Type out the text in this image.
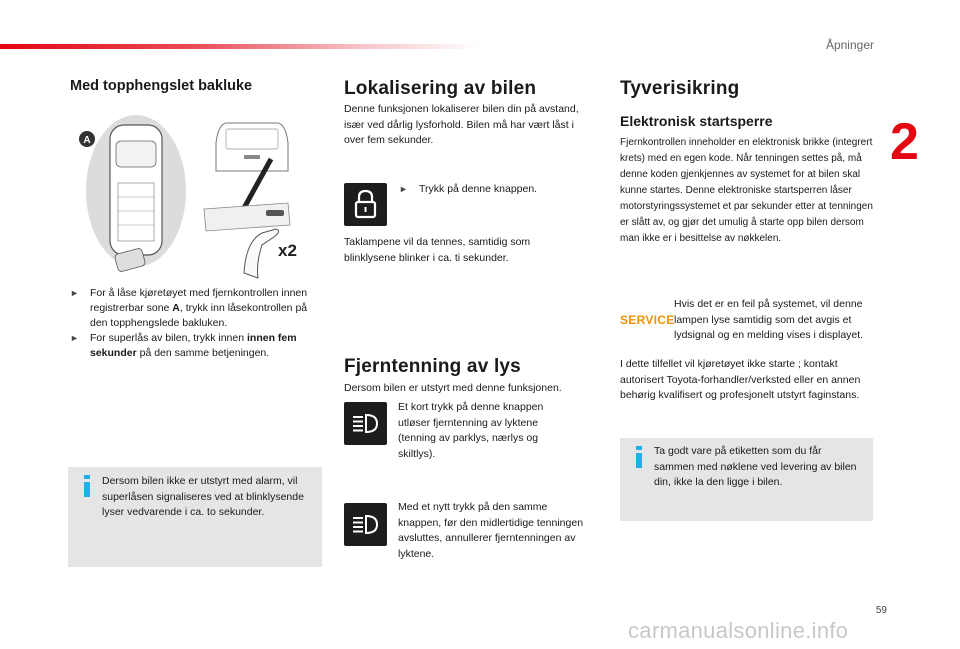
Åpninger
2
Med topphengslet bakluke
A
x2
►	For å låse kjøretøyet med fjernkontrollen innen registrerbar sone A, trykk inn låsekontrollen på den topphengslede bakluken.
►	For superlås av bilen, trykk innen innen fem sekunder på den samme betjeningen.

Dersom bilen ikke er utstyrt med alarm, vil superlåsen signaliseres ved at blinklysende lyser vedvarende i ca. to sekunder.

Lokalisering av bilen

Denne funksjonen lokaliserer bilen din på avstand, især ved dårlig lysforhold. Bilen må har vært låst i over fem sekunder.

►	Trykk på denne knappen.

Taklampene vil da tennes, samtidig som blinklysene blinker i ca. ti sekunder.

Fjerntenning av lys

Dersom bilen er utstyrt med denne funksjonen.

Et kort trykk på denne knappen utløser fjerntenning av lyktene (tenning av parklys, nærlys og skiltlys).

Med et nytt trykk på den samme knappen, før den midlertidige tenningen avsluttes, annullerer fjerntenningen av lyktene.

Tyverisikring
Elektronisk startsperre

Fjernkontrollen inneholder en elektronisk brikke (integrert krets) med en egen kode. Når tenningen settes på, må denne koden gjenkjennes av systemet for at bilen skal kunne startes. Denne elektroniske startsperren låser motorstyringssystemet et par sekunder etter at tenningen er slått av, og gjør det umulig å starte opp bilen dersom man ikke er i besittelse av nøkkelen.

SERVICE

Hvis det er en feil på systemet, vil denne lampen lyse samtidig som det avgis et lydsignal og en melding vises i displayet.

I dette tilfellet vil kjøretøyet ikke starte ; kontakt autorisert Toyota-forhandler/verksted eller en annen behørig kvalifisert og profesjonelt utstyrt faginstans.

Ta godt vare på etiketten som du får sammen med nøklene ved levering av bilen din, ikke la den ligge i bilen.

59
carmanualsonline.info
